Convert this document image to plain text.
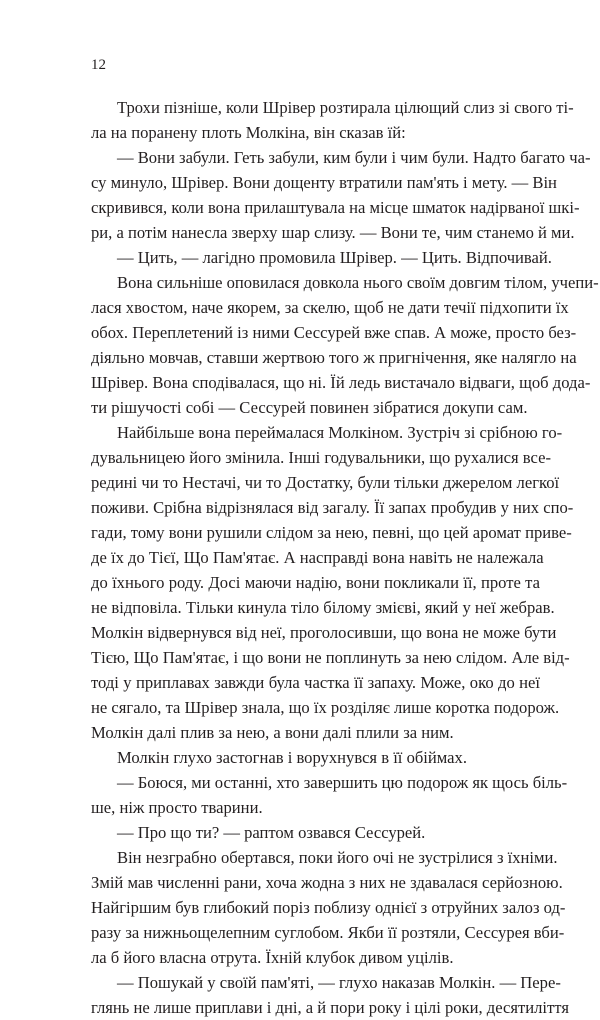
12
Трохи пізніше, коли Шрівер розтирала цілющий слиз зі свого ті-
ла на поранену плоть Молкіна, він сказав їй:
— Вони забули. Геть забули, ким були і чим були. Надто багато ча-
су минуло, Шрівер. Вони дощенту втратили пам'ять і мету. — Він
скривився, коли вона прилаштувала на місце шматок надірваної шкі-
ри, а потім нанесла зверху шар слизу. — Вони те, чим станемо й ми.
— Цить, — лагідно промовила Шрівер. — Цить. Відпочивай.
Вона сильніше оповилася довкола нього своїм довгим тілом, учепи-
лася хвостом, наче якорем, за скелю, щоб не дати течії підхопити їх
обох. Переплетений із ними Сессурей вже спав. А може, просто без-
діяльно мовчав, ставши жертвою того ж пригнічення, яке налягло на
Шрівер. Вона сподівалася, що ні. Їй ледь вистачало відваги, щоб дода-
ти рішучості собі — Сессурей повинен зібратися докупи сам.
Найбільше вона переймалася Молкіном. Зустріч зі срібною го-
дувальницею його змінила. Інші годувальники, що рухалися все-
редині чи то Нестачі, чи то Достатку, були тільки джерелом легкої
поживи. Срібна відрізнялася від загалу. Її запах пробудив у них спо-
гади, тому вони рушили слідом за нею, певні, що цей аромат приве-
де їх до Тієї, Що Пам'ятає. А насправді вона навіть не належала
до їхнього роду. Досі маючи надію, вони покликали її, проте та
не відповіла. Тільки кинула тіло білому змієві, який у неї жебрав.
Молкін відвернувся від неї, проголосивши, що вона не може бути
Тією, Що Пам'ятає, і що вони не поплинуть за нею слідом. Але від-
тоді у приплавах завжди була частка її запаху. Може, око до неї
не сягало, та Шрівер знала, що їх розділяє лише коротка подорож.
Молкін далі плив за нею, а вони далі плили за ним.
Молкін глухо застогнав і ворухнувся в її обіймах.
— Боюся, ми останні, хто завершить цю подорож як щось біль-
ше, ніж просто тварини.
— Про що ти? — раптом озвався Сессурей.
Він незграбно обертався, поки його очі не зустрілися з їхніми.
Змій мав численні рани, хоча жодна з них не здавалася серйозною.
Найгіршим був глибокий поріз поблизу однієї з отруйних залоз од-
разу за нижньощелепним суглобом. Якби її розтяли, Сессурея вби-
ла б його власна отрута. Їхній клубок дивом уцілів.
— Пошукай у своїй пам'яті, — глухо наказав Молкін. — Пере-
глянь не лише приплави і дні, а й пори року і цілі роки, десятиліття
